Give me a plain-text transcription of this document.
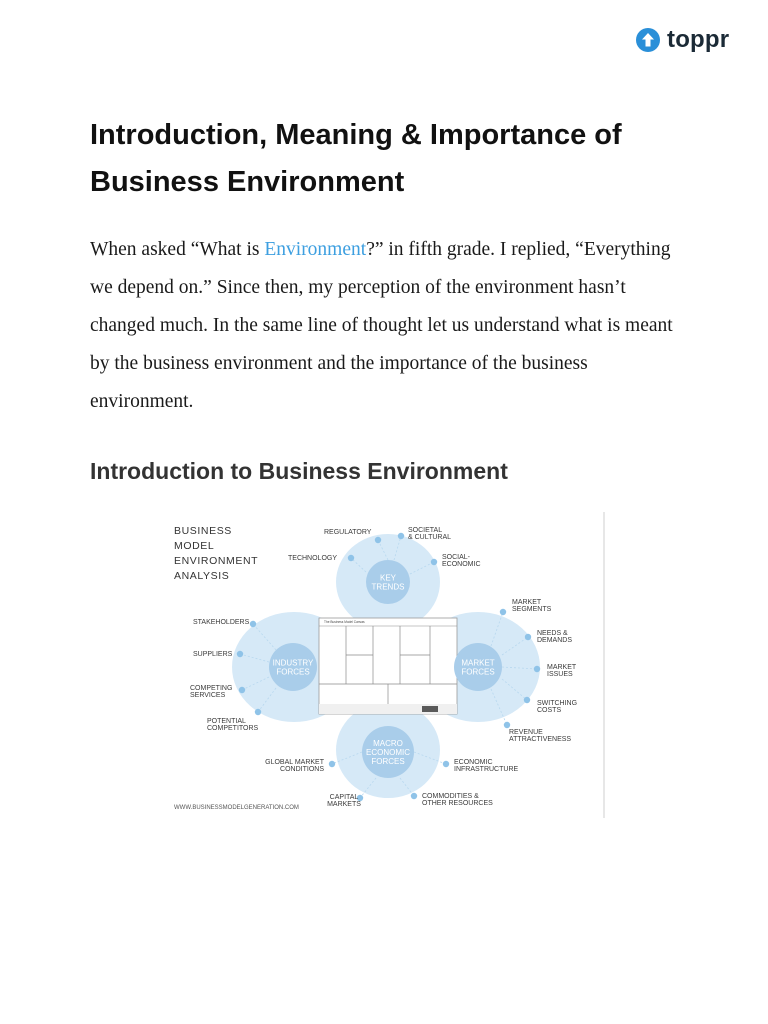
toppr
Introduction, Meaning & Importance of
Business Environment

When asked “What is Environment?” in fifth grade. I replied, “Everything we depend on.” Since then, my perception of the environment hasn’t changed much. In the same line of thought let us understand what is meant by the business environment and the importance of the business environment.

Introduction to Business Environment
BUSINESS MODEL ENVIRONMENT ANALYSIS
The Business Model Canvas
KEY TRENDS
INDUSTRY FORCES
MARKET FORCES
MACRO ECONOMIC FORCES
REGULATORY	SOCIETAL & CULTURAL
TECHNOLOGY	SOCIAL-ECONOMIC
STAKEHOLDERS
SUPPLIERS
COMPETING SERVICES
POTENTIAL COMPETITORS
MARKET SEGMENTS
NEEDS & DEMANDS
MARKET ISSUES
SWITCHING COSTS
REVENUE ATTRACTIVENESS
GLOBAL MARKET CONDITIONS
ECONOMIC INFRASTRUCTURE
CAPITAL MARKETS
COMMODITIES & OTHER RESOURCES
WWW.BUSINESSMODELGENERATION.COM
